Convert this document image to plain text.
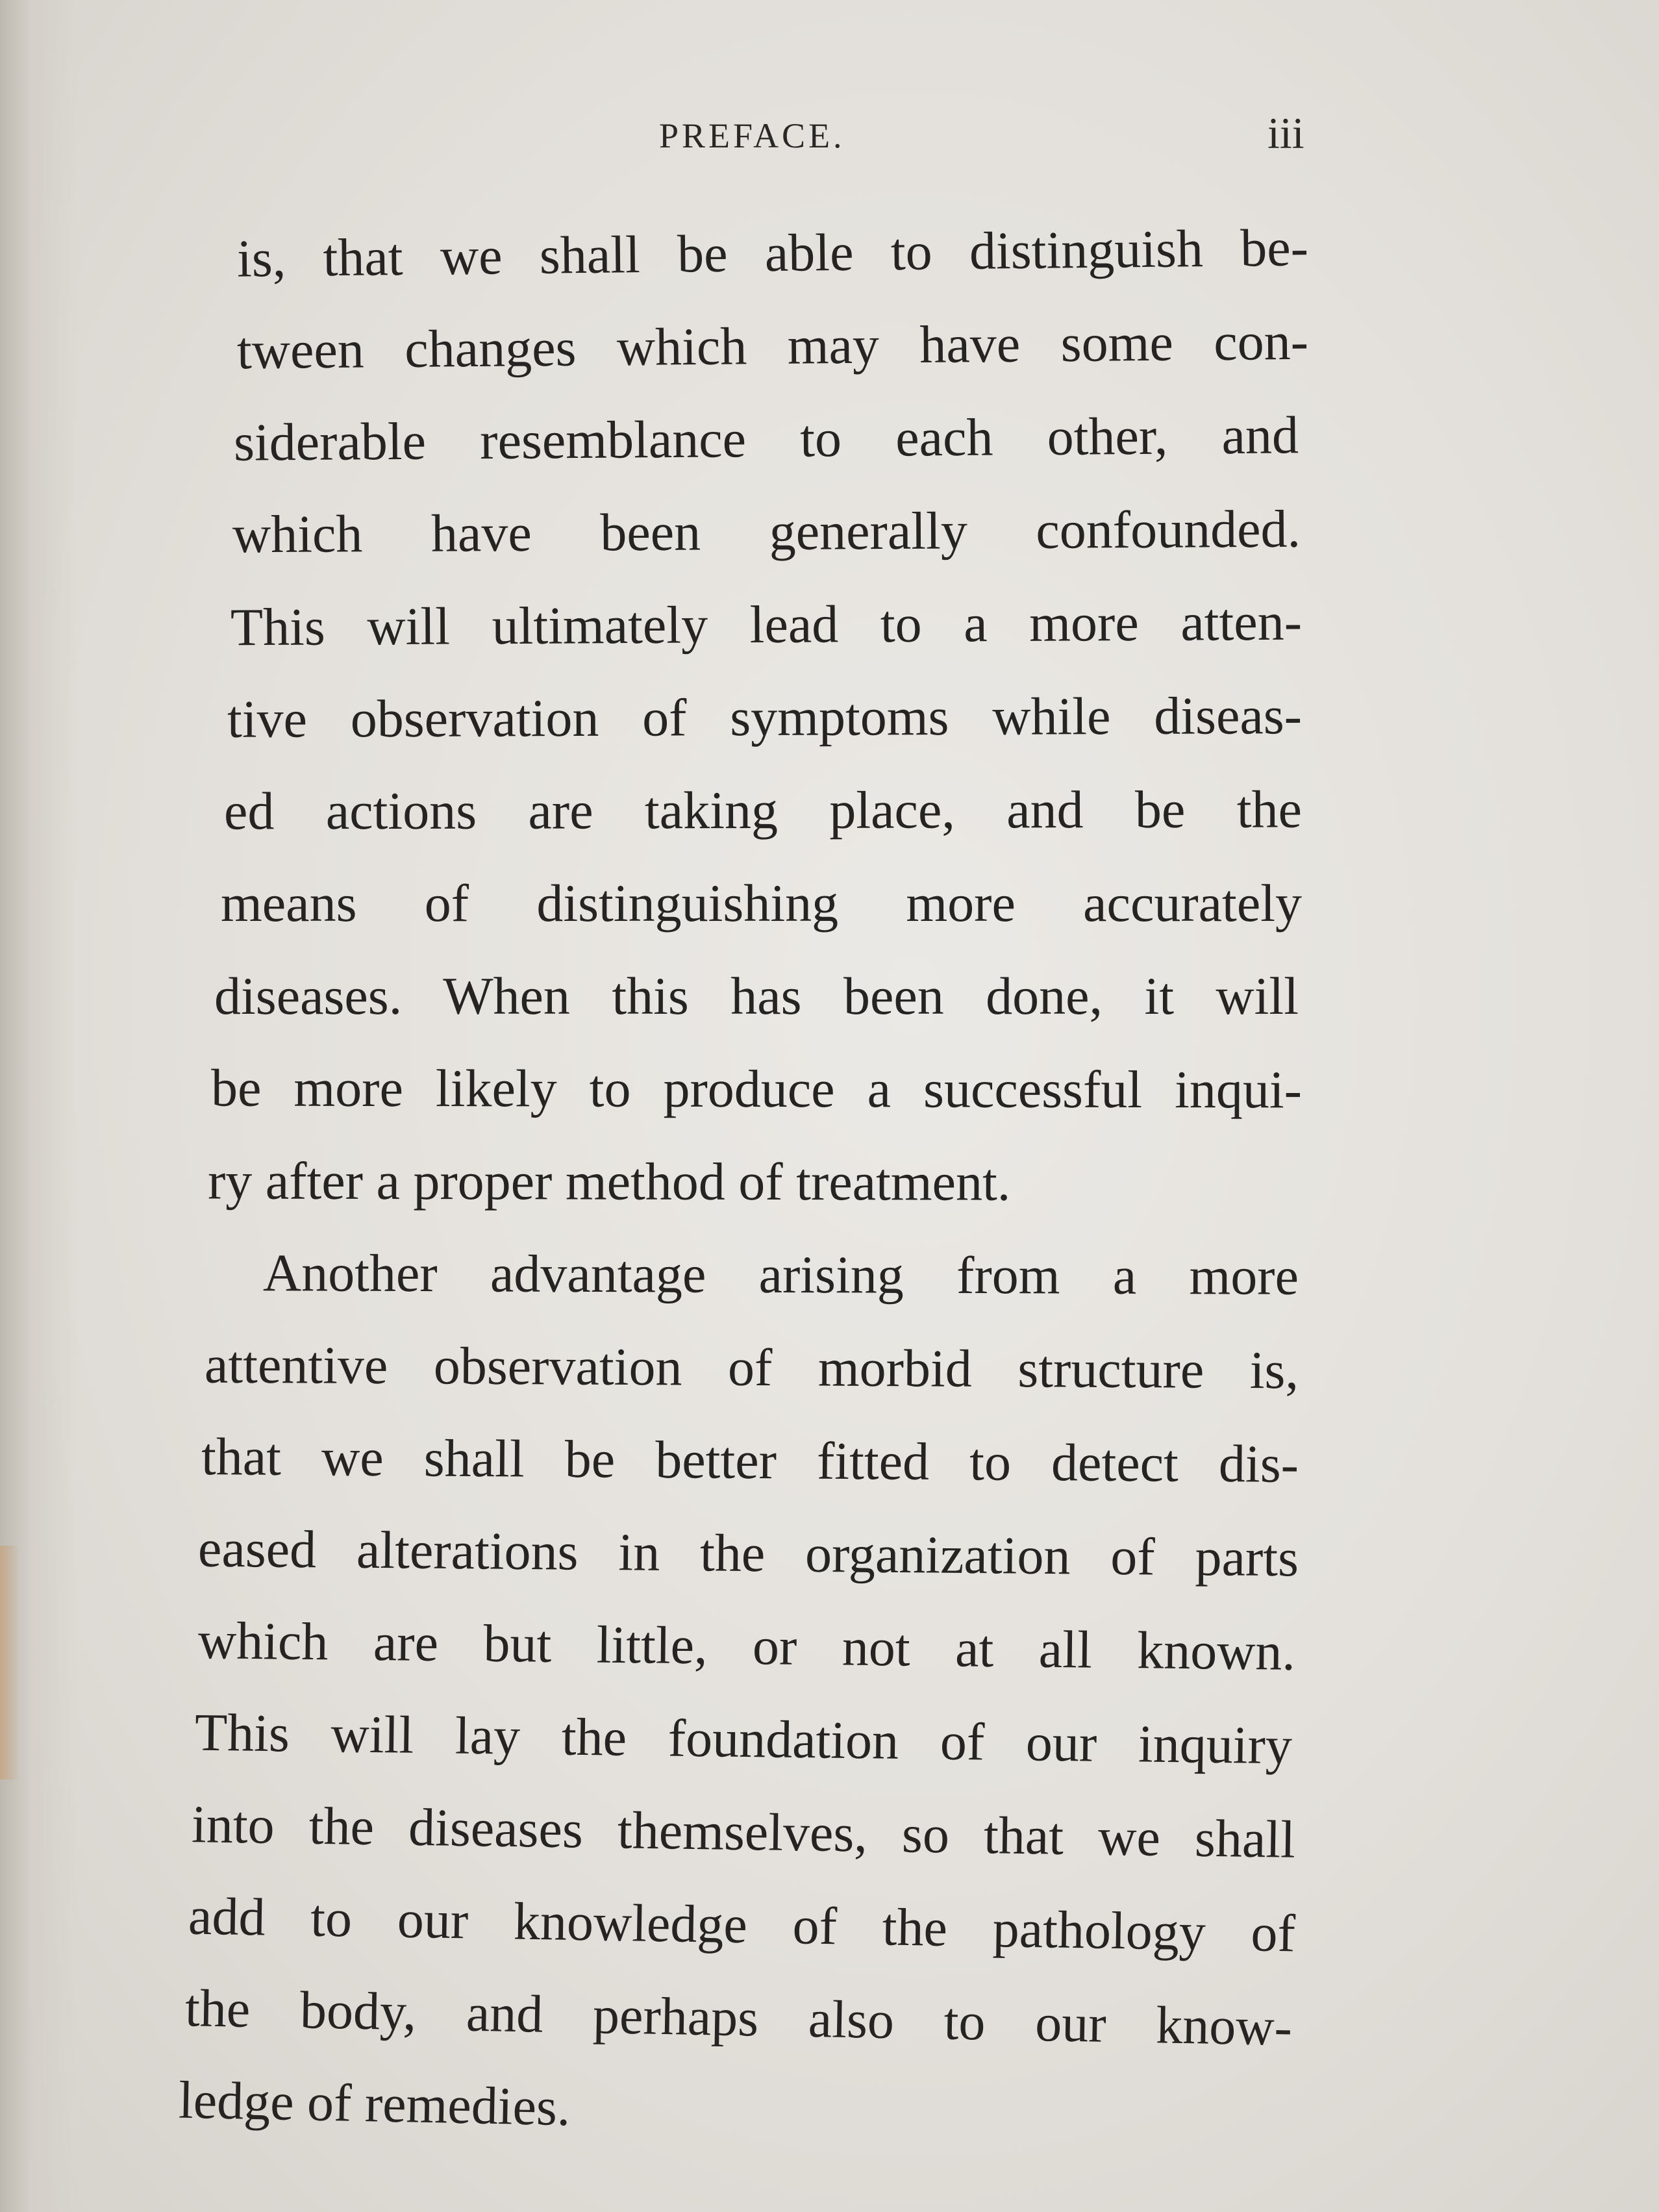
PREFACE.	iii
is, that we shall be able to distinguish be-
tween changes which may have some con-
siderable resemblance to each other, and
which have been generally confounded.
This will ultimately lead to a more atten-
tive observation of symptoms while diseas-
ed actions are taking place, and be the
means of distinguishing more accurately
diseases. When this has been done, it will
be more likely to produce a successful inqui-
ry after a proper method of treatment.
Another advantage arising from a more
attentive observation of morbid structure is,
that we shall be better fitted to detect dis-
eased alterations in the organization of parts
which are but little, or not at all known.
This will lay the foundation of our inquiry
into the diseases themselves, so that we shall
add to our knowledge of the pathology of
the body, and perhaps also to our know-
ledge of remedies.
